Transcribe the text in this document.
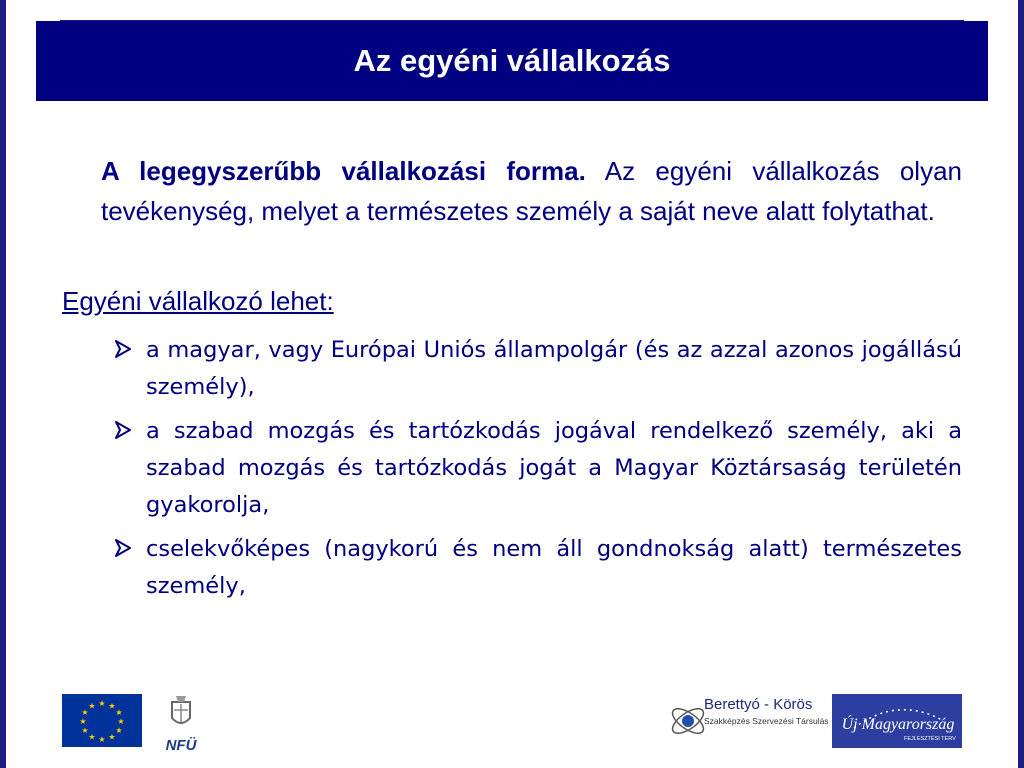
Az egyéni vállalkozás
A legegyszerűbb vállalkozási forma. Az egyéni vállalkozás olyan tevékenység, melyet a természetes személy a saját neve alatt folytathat.
Egyéni vállalkozó lehet:
a magyar, vagy Európai Uniós állampolgár (és az azzal azonos jogállású személy),
a szabad mozgás és tartózkodás jogával rendelkező személy, aki a szabad mozgás és tartózkodás jogát a Magyar Köztársaság területén gyakorolja,
cselekvőképes (nagykorú és nem áll gondnokság alatt) természetes személy,
★ ★
★
★
★
★
★
★
★
★
★
★
NFÜ
Berettyó - Körös
Szakképzés Szervezési Társulás Új Magyarország
FEJLESZTÉSI TERV
